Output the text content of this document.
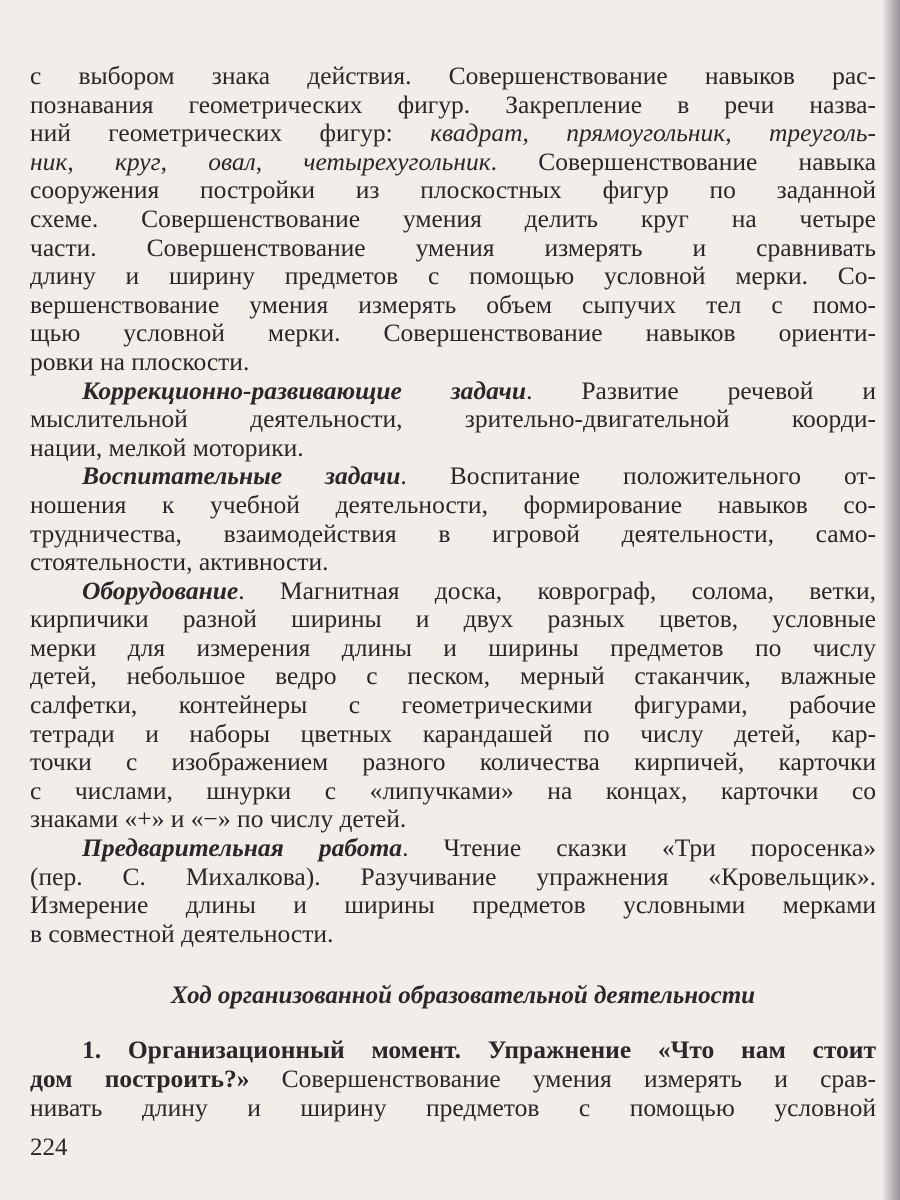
с выбором знака действия. Совершенствование навыков рас-
познавания геометрических фигур. Закрепление в речи назва-
ний геометрических фигур: квадрат, прямоугольник, треуголь-
ник, круг, овал, четырехугольник. Совершенствование навыка
сооружения постройки из плоскостных фигур по заданной
схеме. Совершенствование умения делить круг на четыре
части. Совершенствование умения измерять и сравнивать
длину и ширину предметов с помощью условной мерки. Со-
вершенствование умения измерять объем сыпучих тел с помо-
щью условной мерки. Совершенствование навыков ориенти-
ровки на плоскости.
Коррекционно-развивающие задачи. Развитие речевой и
мыслительной деятельности, зрительно-двигательной коорди-
нации, мелкой моторики.
Воспитательные задачи. Воспитание положительного от-
ношения к учебной деятельности, формирование навыков со-
трудничества, взаимодействия в игровой деятельности, само-
стоятельности, активности.
Оборудование. Магнитная доска, коврограф, солома, ветки,
кирпичики разной ширины и двух разных цветов, условные
мерки для измерения длины и ширины предметов по числу
детей, небольшое ведро с песком, мерный стаканчик, влажные
салфетки, контейнеры с геометрическими фигурами, рабочие
тетради и наборы цветных карандашей по числу детей, кар-
точки с изображением разного количества кирпичей, карточки
с числами, шнурки с «липучками» на концах, карточки со
знаками «+» и «−» по числу детей.
Предварительная работа. Чтение сказки «Три поросенка»
(пер. С. Михалкова). Разучивание упражнения «Кровельщик».
Измерение длины и ширины предметов условными мерками
в совместной деятельности.
Ход организованной образовательной деятельности
1. Организационный момент. Упражнение «Что нам стоит
дом построить?» Совершенствование умения измерять и срав-
нивать длину и ширину предметов с помощью условной
224
